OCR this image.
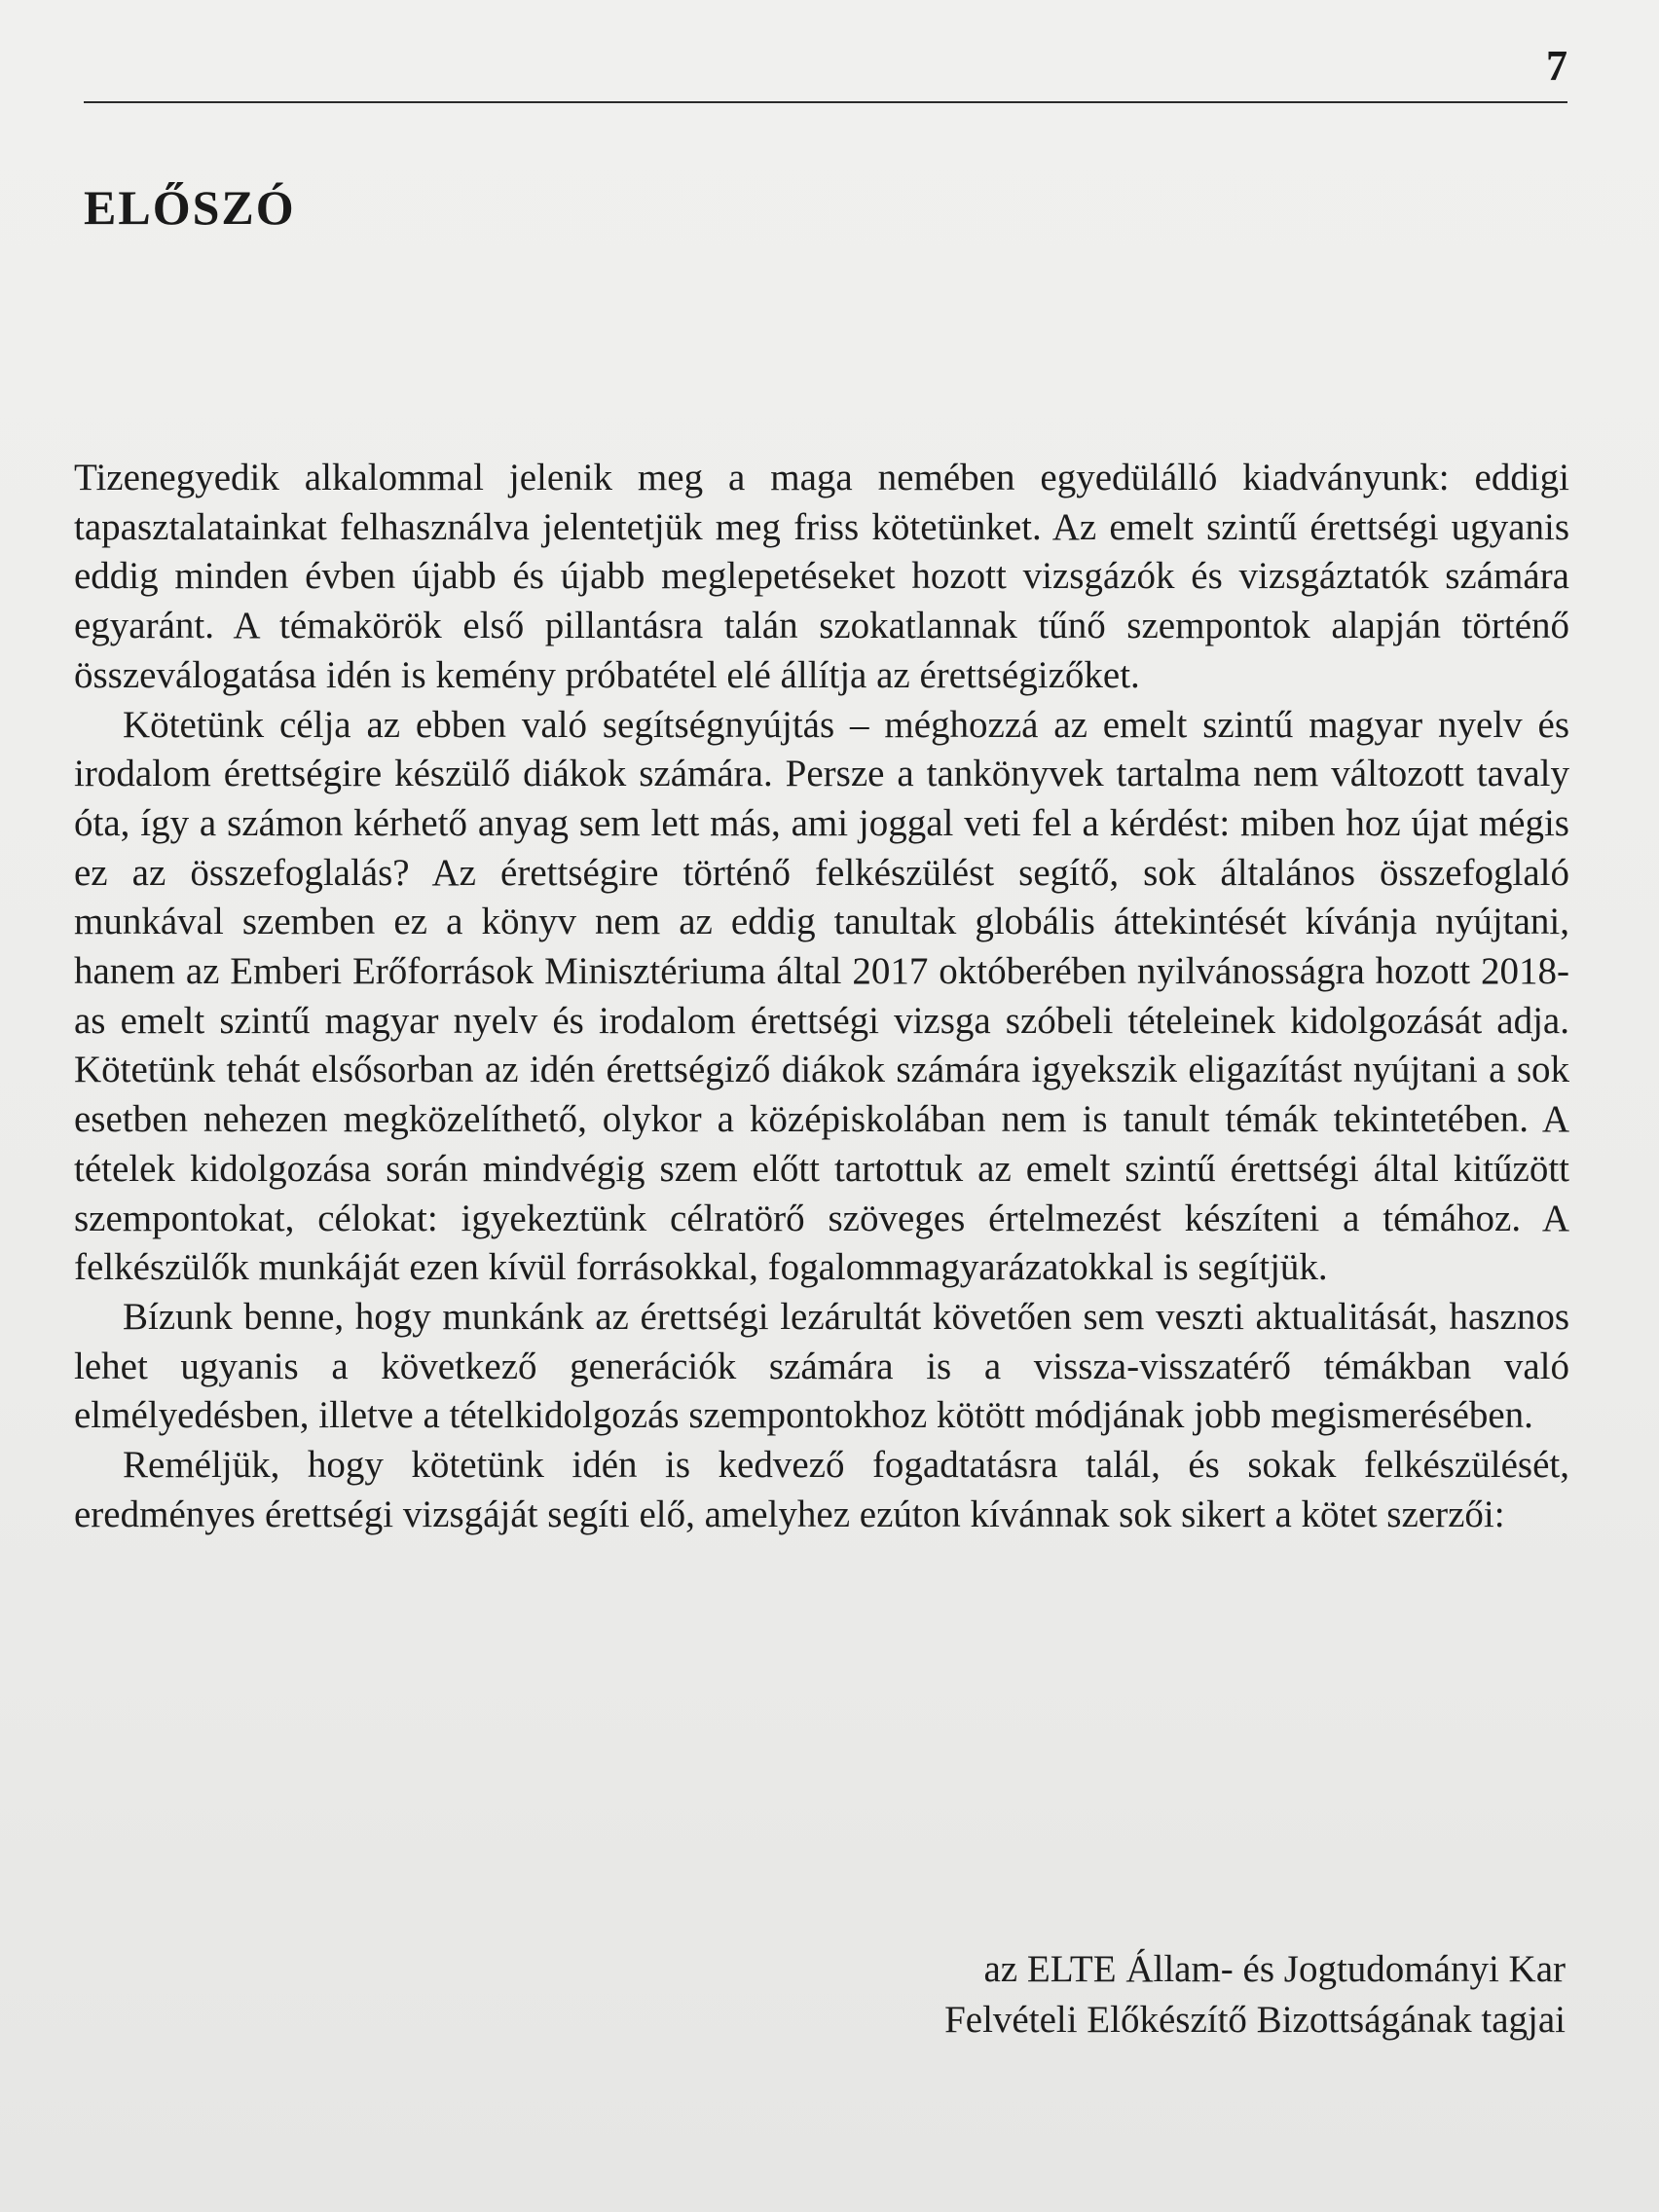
7
ELŐSZÓ

Tizenegyedik alkalommal jelenik meg a maga nemében egyedülálló kiadványunk: eddigi tapasztalatainkat felhasználva jelentetjük meg friss kötetünket. Az emelt szintű érettségi ugyanis eddig minden évben újabb és újabb meglepetéseket hozott vizsgázók és vizsgáztatók számára egyaránt. A témakörök első pillantásra talán szokatlannak tűnő szempontok alapján történő összeválogatása idén is kemény próbatétel elé állítja az érettségizőket.

Kötetünk célja az ebben való segítségnyújtás – méghozzá az emelt szintű magyar nyelv és irodalom érettségire készülő diákok számára. Persze a tankönyvek tartalma nem változott tavaly óta, így a számon kérhető anyag sem lett más, ami joggal veti fel a kérdést: miben hoz újat mégis ez az összefoglalás? Az érettségire történő felkészülést segítő, sok általános összefoglaló munkával szemben ez a könyv nem az eddig tanultak globális áttekintését kívánja nyújtani, hanem az Emberi Erőforrások Minisztériuma által 2017 októberében nyilvánosságra hozott 2018-as emelt szintű magyar nyelv és irodalom érettségi vizsga szóbeli tételeinek kidolgozását adja. Kötetünk tehát elsősorban az idén érettségiző diákok számára igyekszik eligazítást nyújtani a sok esetben nehezen megközelíthető, olykor a középiskolában nem is tanult témák tekintetében. A tételek kidolgozása során mindvégig szem előtt tartottuk az emelt szintű érettségi által kitűzött szempontokat, célokat: igyekeztünk célratörő szöveges értelmezést készíteni a témához. A felkészülők munkáját ezen kívül forrásokkal, fogalommagyarázatokkal is segítjük.

Bízunk benne, hogy munkánk az érettségi lezárultát követően sem veszti aktualitását, hasznos lehet ugyanis a következő generációk számára is a vissza-visszatérő témákban való elmélyedésben, illetve a tételkidolgozás szempontokhoz kötött módjának jobb megismerésében.

Reméljük, hogy kötetünk idén is kedvező fogadtatásra talál, és sokak felkészülését, eredményes érettségi vizsgáját segíti elő, amelyhez ezúton kívánnak sok sikert a kötet szerzői:

az ELTE Állam- és Jogtudományi Kar
Felvételi Előkészítő Bizottságának tagjai
